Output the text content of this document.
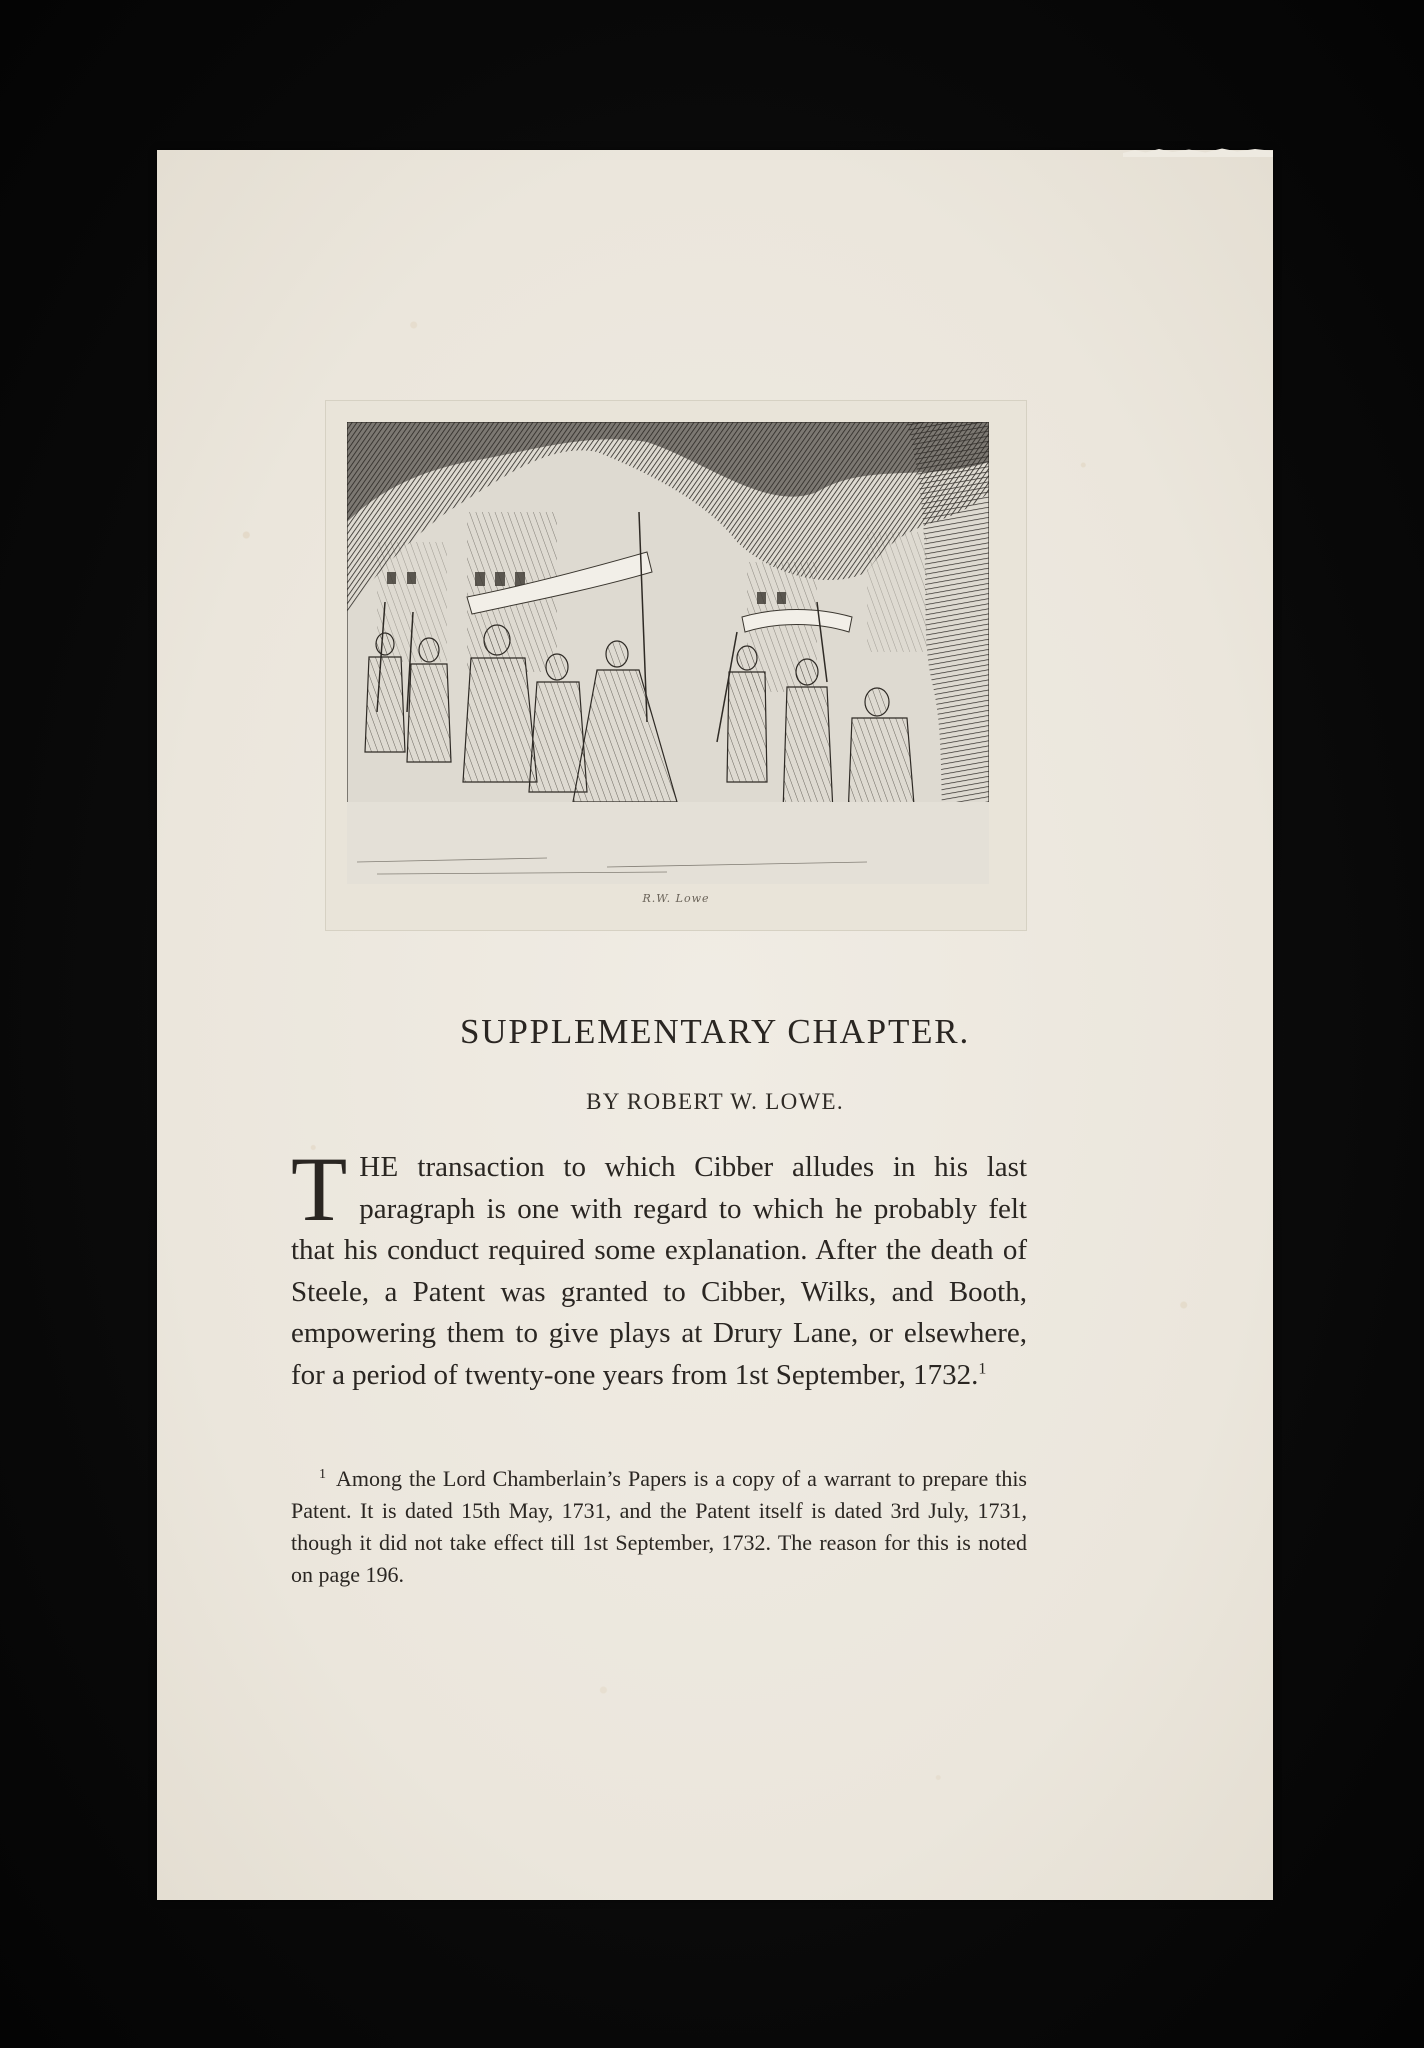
R.W. Lowe
SUPPLEMENTARY CHAPTER.
BY ROBERT W. LOWE.

THE transaction to which Cibber alludes in his last paragraph is one with regard to which he probably felt that his conduct required some explanation. After the death of Steele, a Patent was granted to Cibber, Wilks, and Booth, empowering them to give plays at Drury Lane, or elsewhere, for a period of twenty-one years from 1st September, 1732.$^1$

$^1$ Among the Lord Chamberlain’s Papers is a copy of a warrant to prepare this Patent. It is dated 15th May, 1731, and the Patent itself is dated 3rd July, 1731, though it did not take effect till 1st September, 1732. The reason for this is noted on page 196.
